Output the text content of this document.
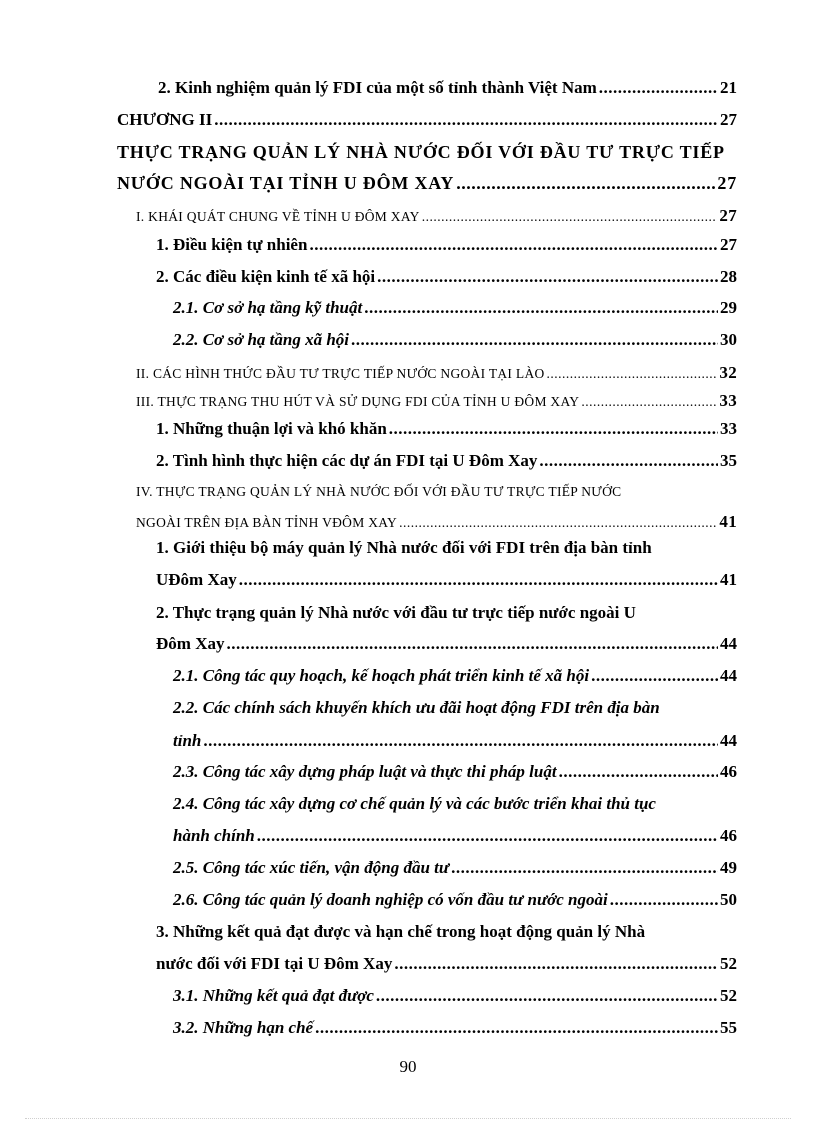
2. Kinh nghiệm quản lý FDI của một số tỉnh thành Việt Nam .....	21
CHƯƠNG II .....	27
THỰC TRẠNG QUẢN LÝ NHÀ NƯỚC ĐỐI VỚI ĐẦU TƯ TRỰC TIẾP
NƯỚC NGOÀI TẠI TỈNH U ĐÔM XAY .....	27
I. KHÁI QUÁT CHUNG VỀ TỈNH U ĐÔM XAY .....	27
1. Điều kiện tự nhiên .....	27
2. Các điều kiện kinh tế xã hội .....	28
2.1. Cơ sở hạ tầng kỹ thuật .....	29
2.2. Cơ sở hạ tầng xã hội .....	30
II. CÁC HÌNH THỨC ĐẦU TƯ TRỰC TIẾP NƯỚC NGOÀI TẠI LÀO .....	32
III. THỰC TRẠNG THU HÚT VÀ SỬ DỤNG FDI CỦA TỈNH U ĐÔM XAY .....	33
1. Những thuận lợi và khó khăn .....	33
2. Tình hình thực hiện các dự án FDI tại U Đôm Xay .....	35
IV. THỰC TRẠNG QUẢN LÝ NHÀ NƯỚC ĐỐI VỚI ĐẦU TƯ TRỰC TIẾP NƯỚC
NGOÀI TRÊN ĐỊA BÀN TỈNH VĐÔM XAY .....	41
1. Giới thiệu bộ máy quản lý Nhà nước đối với FDI trên địa bàn tỉnh
UĐôm Xay .....	41
2. Thực trạng quản lý Nhà nước với đầu tư trực tiếp nước ngoài U
Đôm Xay .....	44
2.1. Công tác quy hoạch, kế hoạch phát triển kinh tế xã hội .....	44
2.2. Các chính sách khuyến khích ưu đãi hoạt động FDI trên địa bàn
tỉnh .....	44
2.3. Công tác xây dựng pháp luật và thực thi pháp luật .....	46
2.4. Công tác xây dựng cơ chế quản lý và các bước triển khai thủ tục
hành chính .....	46
2.5. Công tác xúc tiến, vận động đầu tư .....	49
2.6. Công tác quản lý doanh nghiệp có vốn đầu tư nước ngoài .....	50
3. Những kết quả đạt được và hạn chế trong hoạt động quản lý Nhà
nước đối với FDI tại U Đôm Xay .....	52
3.1. Những kết quả đạt được .....	52
3.2. Những hạn chế .....	55
90
